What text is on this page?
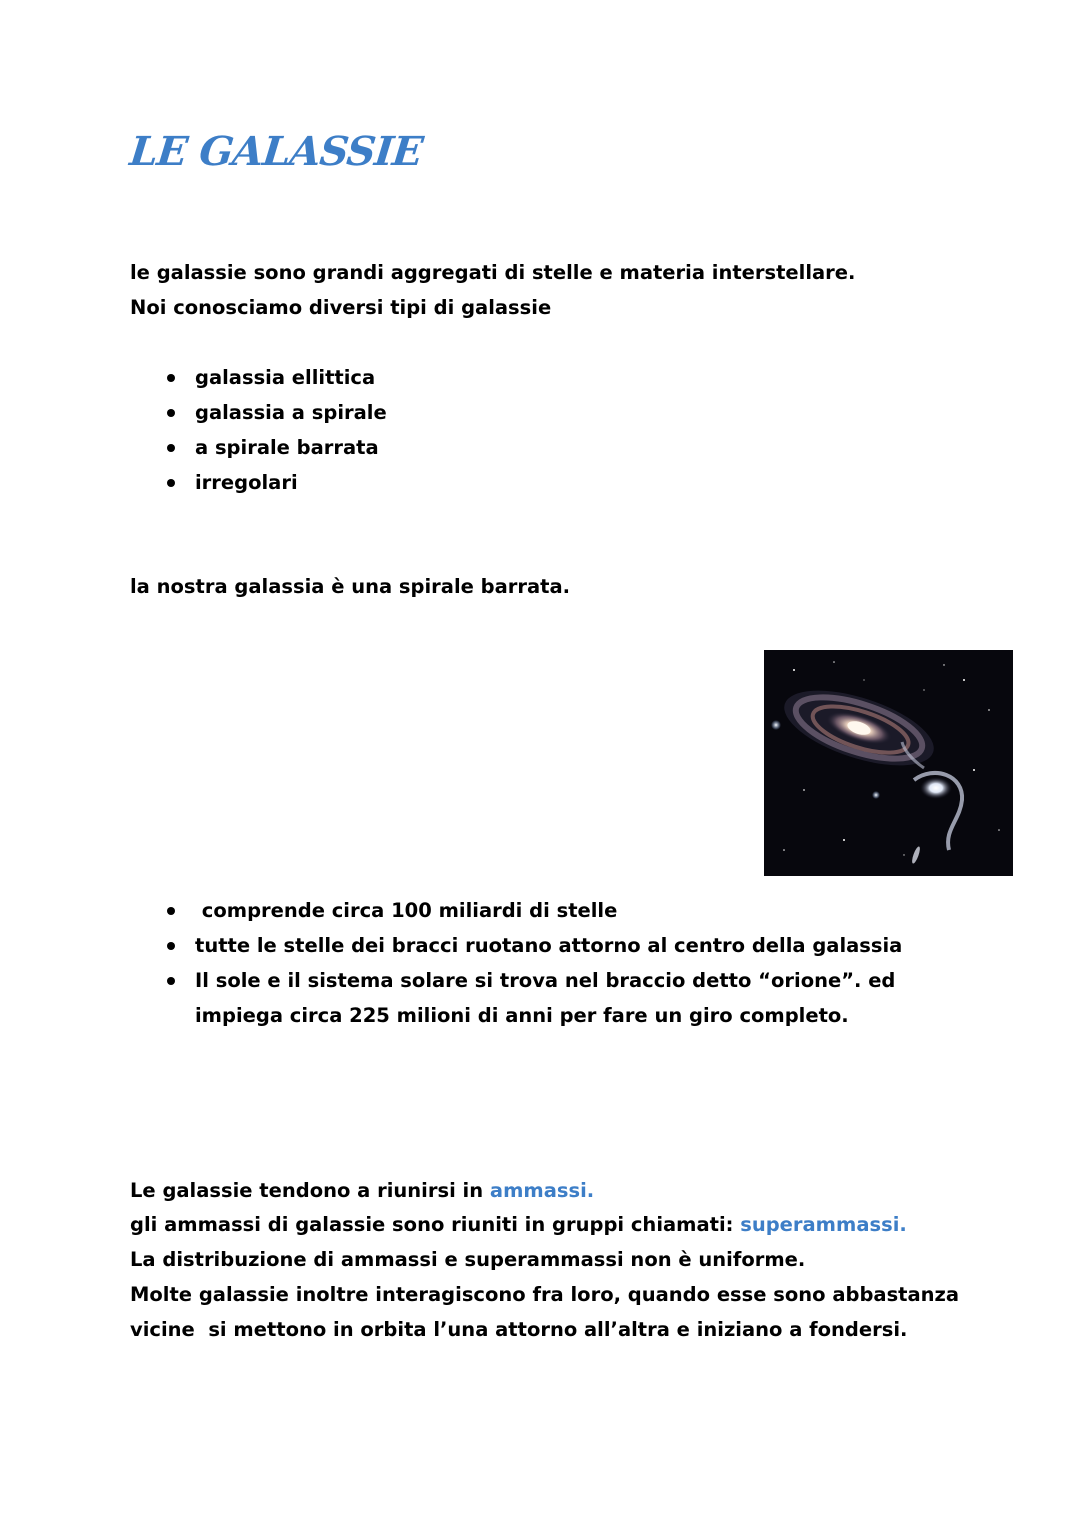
LE GALASSIE

le galassie sono grandi aggregati di stelle e materia interstellare.

Noi conosciamo diversi tipi di galassie

galassia ellittica
galassia a spirale
a spirale barrata
irregolari

la nostra galassia è una spirale barrata.

comprende circa 100 miliardi di stelle
tutte le stelle dei bracci ruotano attorno al centro della galassia
Il sole e il sistema solare si trova nel braccio detto “orione”. ed
impiega circa 225 milioni di anni per fare un giro completo.

Le galassie tendono a riunirsi in ammassi.

gli ammassi di galassie sono riuniti in gruppi chiamati: superammassi.

La distribuzione di ammassi e superammassi non è uniforme.

Molte galassie inoltre interagiscono fra loro, quando esse sono abbastanza

vicine  si mettono in orbita l’una attorno all’altra e iniziano a fondersi.
